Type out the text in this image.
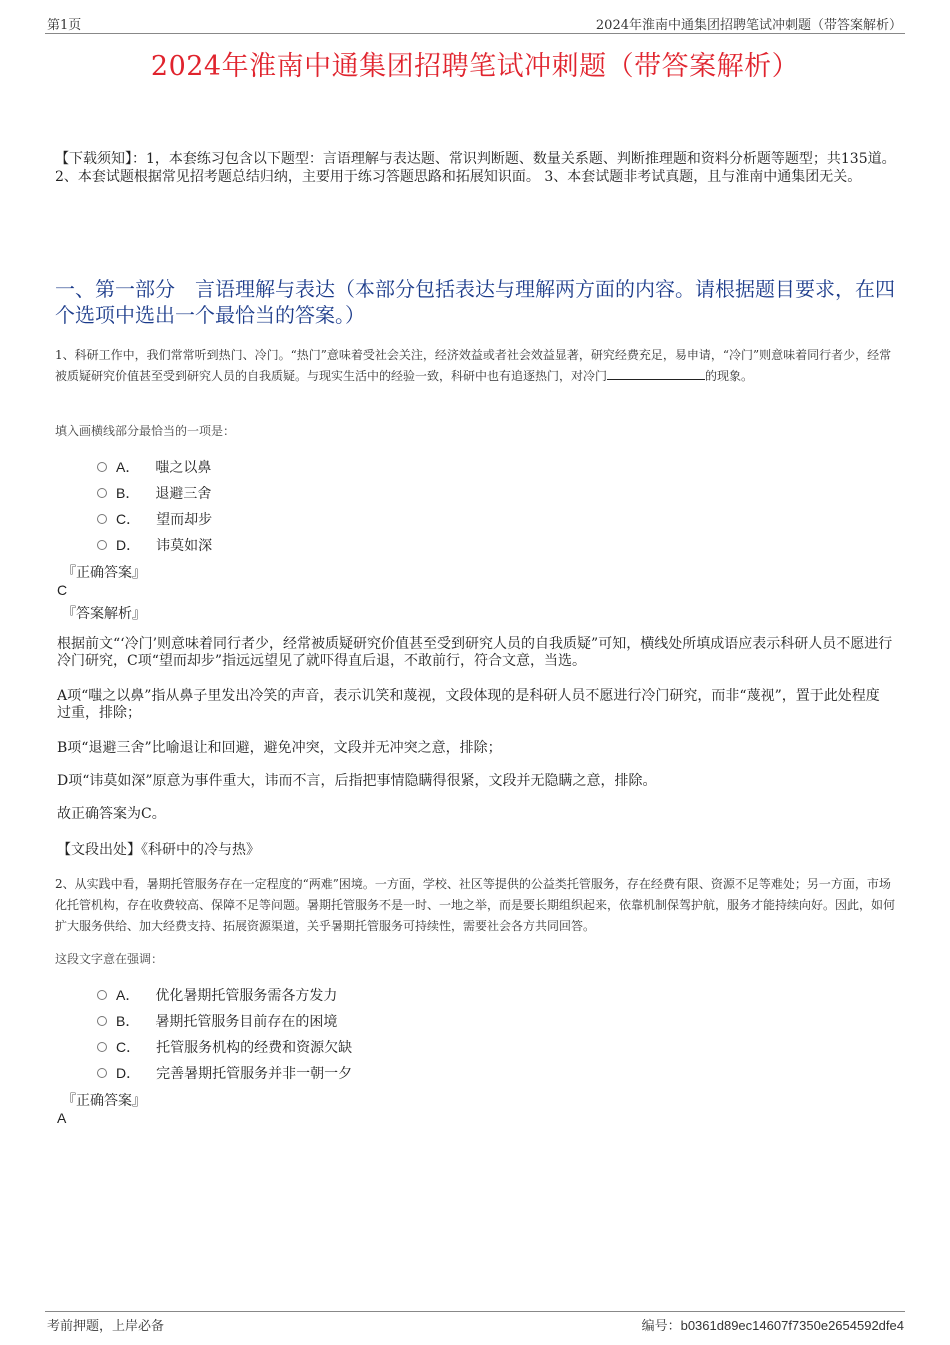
第1页	2024年淮南中通集团招聘笔试冲刺题（带答案解析）
2024年淮南中通集团招聘笔试冲刺题（带答案解析）
【下载须知】：1，本套练习包含以下题型：言语理解与表达题、常识判断题、数量关系题、判断推理题和资料分析题等题型；共135道。 2、本套试题根据常见招考题总结归纳，主要用于练习答题思路和拓展知识面。 3、本套试题非考试真题，且与淮南中通集团无关。
一、第一部分　言语理解与表达（本部分包括表达与理解两方面的内容。请根据题目要求，在四个选项中选出一个最恰当的答案。）
1、科研工作中，我们常常听到热门、冷门。“热门”意味着受社会关注，经济效益或者社会效益显著，研究经费充足，易申请，“冷门”则意味着同行者少，经常被质疑研究价值甚至受到研究人员的自我质疑。与现实生活中的经验一致，科研中也有追逐热门，对冷门	的现象。
填入画横线部分最恰当的一项是：
A． 嗤之以鼻
B． 退避三舍
C． 望而却步
D． 讳莫如深
『正确答案』
C
『答案解析』
根据前文“‘冷门’则意味着同行者少，经常被质疑研究价值甚至受到研究人员的自我质疑”可知，横线处所填成语应表示科研人员不愿进行冷门研究，C项“望而却步”指远远望见了就吓得直后退，不敢前行，符合文意，当选。
A项“嗤之以鼻”指从鼻子里发出冷笑的声音，表示讥笑和蔑视，文段体现的是科研人员不愿进行冷门研究，而非“蔑视”，置于此处程度过重，排除；
B项“退避三舍”比喻退让和回避，避免冲突，文段并无冲突之意，排除；
D项“讳莫如深”原意为事件重大，讳而不言，后指把事情隐瞒得很紧，文段并无隐瞒之意，排除。
故正确答案为C。
【文段出处】《科研中的冷与热》
2、从实践中看，暑期托管服务存在一定程度的“两难”困境。一方面，学校、社区等提供的公益类托管服务，存在经费有限、资源不足等难处；另一方面，市场化托管机构，存在收费较高、保障不足等问题。暑期托管服务不是一时、一地之举，而是要长期组织起来，依靠机制保驾护航，服务才能持续向好。因此，如何扩大服务供给、加大经费支持、拓展资源渠道，关乎暑期托管服务可持续性，需要社会各方共同回答。
这段文字意在强调：
A． 优化暑期托管服务需各方发力
B． 暑期托管服务目前存在的困境
C． 托管服务机构的经费和资源欠缺
D． 完善暑期托管服务并非一朝一夕
『正确答案』
A
考前押题，上岸必备	编号：b0361d89ec14607f7350e2654592dfe4
